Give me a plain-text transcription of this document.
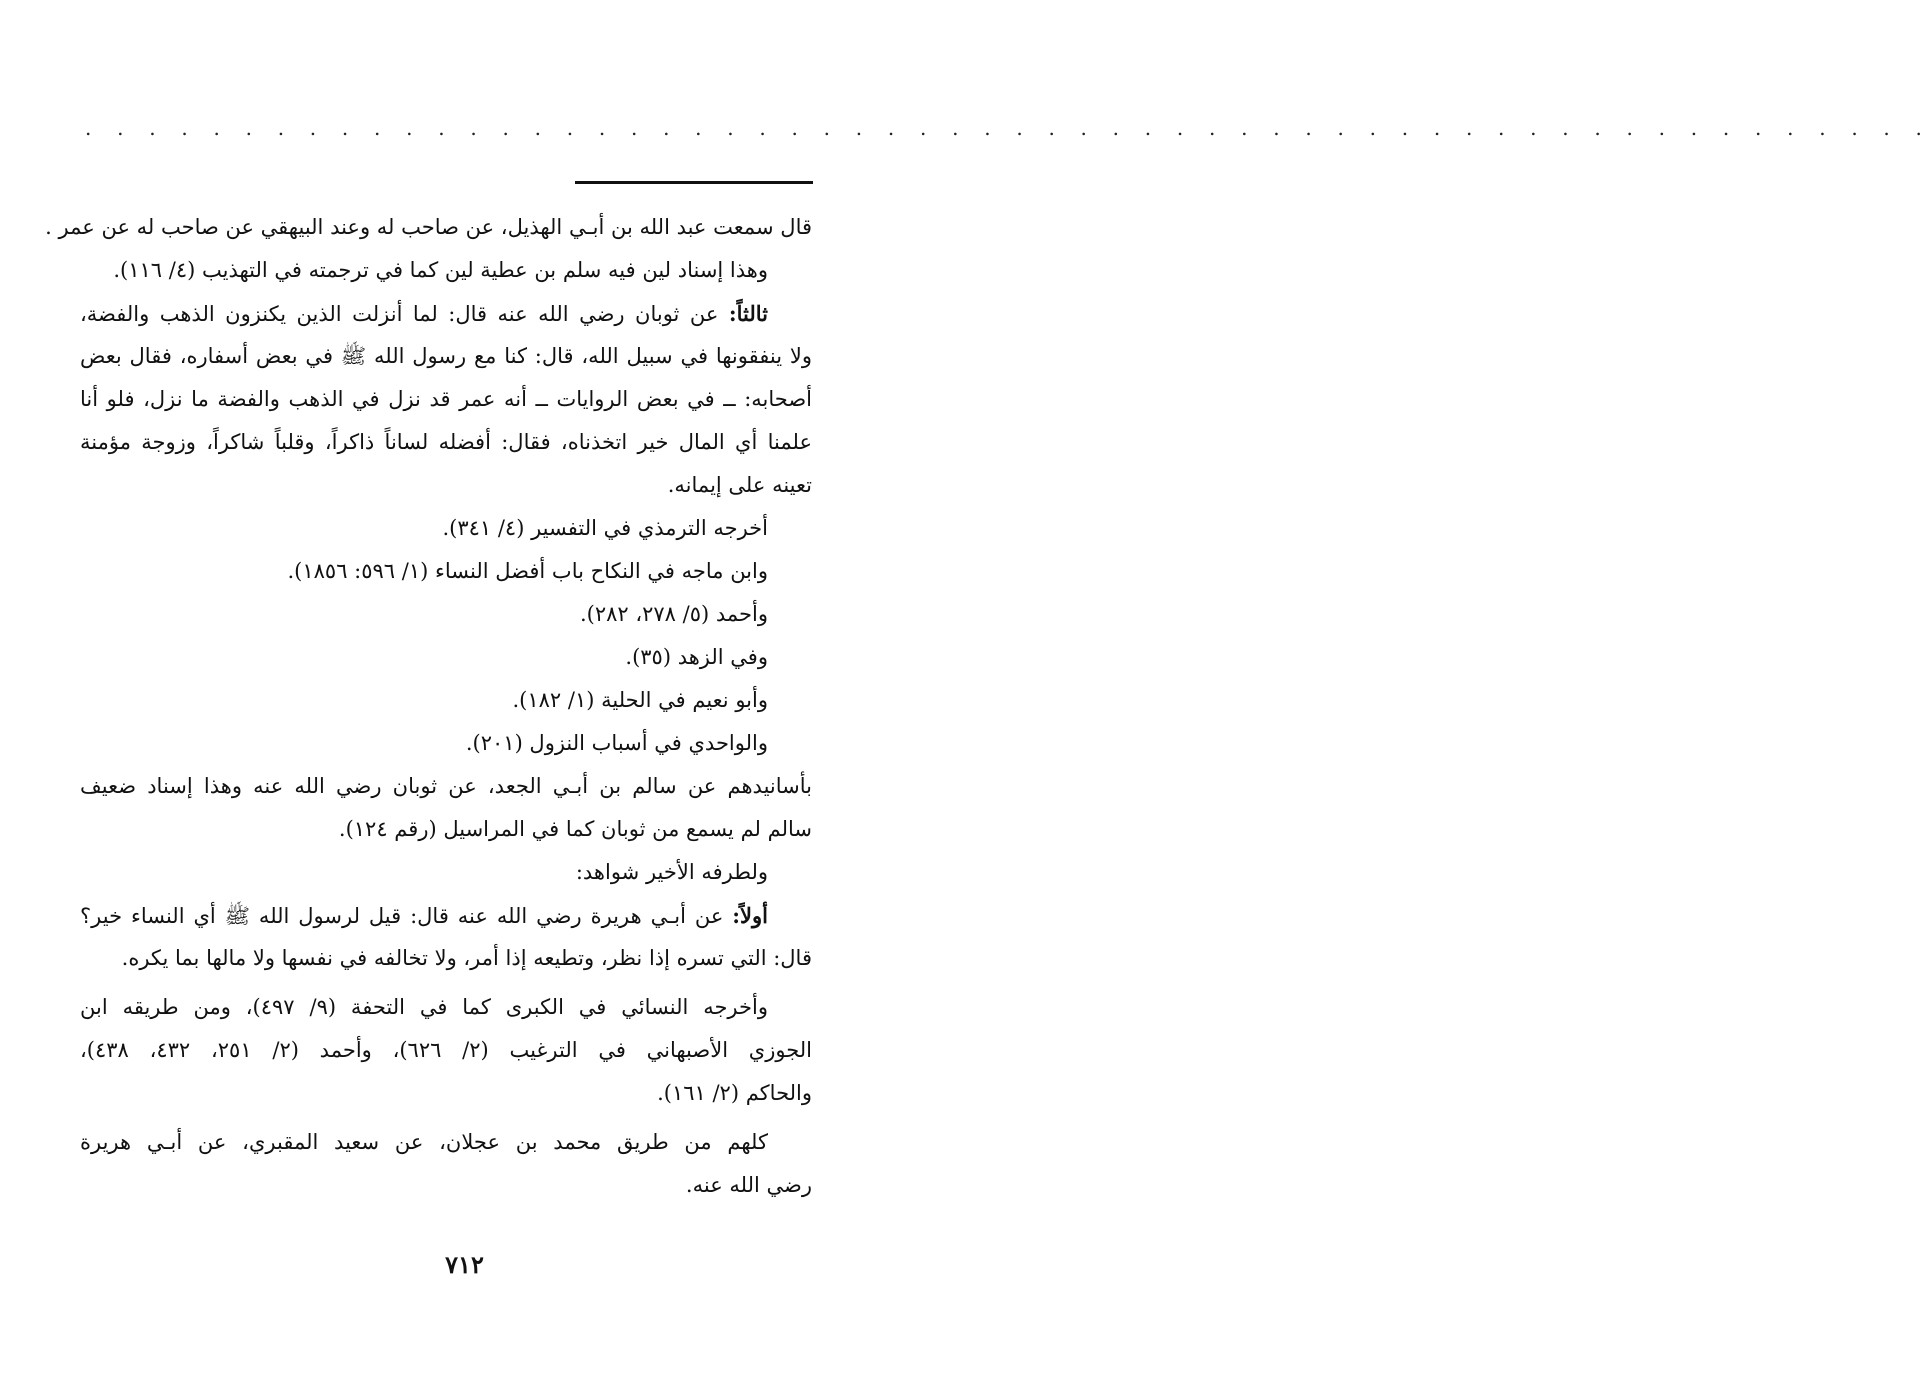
. . . . . . . . . . . . . . . . . . . . . . . . . . . . . . . . . . . . . . . . . . . . . . . . . . . . . . . . . .
قال سمعت عبد الله بن أبـي الهذيل، عن صاحب له وعند البيهقي عن صاحب له عن عمر .
وهذا إسناد لين فيه سلم بن عطية لين كما في ترجمته في التهذيب (٤/ ١١٦).
ثالثاً: عن ثوبان رضي الله عنه قال: لما أنزلت الذين يكنزون الذهب والفضة،
ولا ينفقونها في سبيل الله، قال: كنا مع رسول الله ﷺ في بعض أسفاره، فقال بعض
أصحابه: ــ في بعض الروايات ــ أنه عمر قد نزل في الذهب والفضة ما نزل، فلو أنا
علمنا أي المال خير اتخذناه، فقال: أفضله لساناً ذاكراً، وقلباً شاكراً، وزوجة مؤمنة
تعينه على إيمانه.
أخرجه الترمذي في التفسير (٤/ ٣٤١).
وابن ماجه في النكاح باب أفضل النساء (١/ ٥٩٦: ١٨٥٦).
وأحمد (٥/ ٢٧٨، ٢٨٢).
وفي الزهد (٣٥).
وأبو نعيم في الحلية (١/ ١٨٢).
والواحدي في أسباب النزول (٢٠١).
بأسانيدهم عن سالم بن أبـي الجعد، عن ثوبان رضي الله عنه وهذا إسناد ضعيف
سالم لم يسمع من ثوبان كما في المراسيل (رقم ١٢٤).
ولطرفه الأخير شواهد:
أولاً: عن أبـي هريرة رضي الله عنه قال: قيل لرسول الله ﷺ أي النساء خير؟
قال: التي تسره إذا نظر، وتطيعه إذا أمر، ولا تخالفه في نفسها ولا مالها بما يكره.
وأخرجه النسائي في الكبرى كما في التحفة (٩/ ٤٩٧)، ومن طريقه ابن
الجوزي الأصبهاني في الترغيب (٢/ ٦٢٦)، وأحمد (٢/ ٢٥١، ٤٣٢، ٤٣٨)،
والحاكم (٢/ ١٦١).
كلهم من طريق محمد بن عجلان، عن سعيد المقبري، عن أبـي هريرة
رضي الله عنه.
٧١٢
